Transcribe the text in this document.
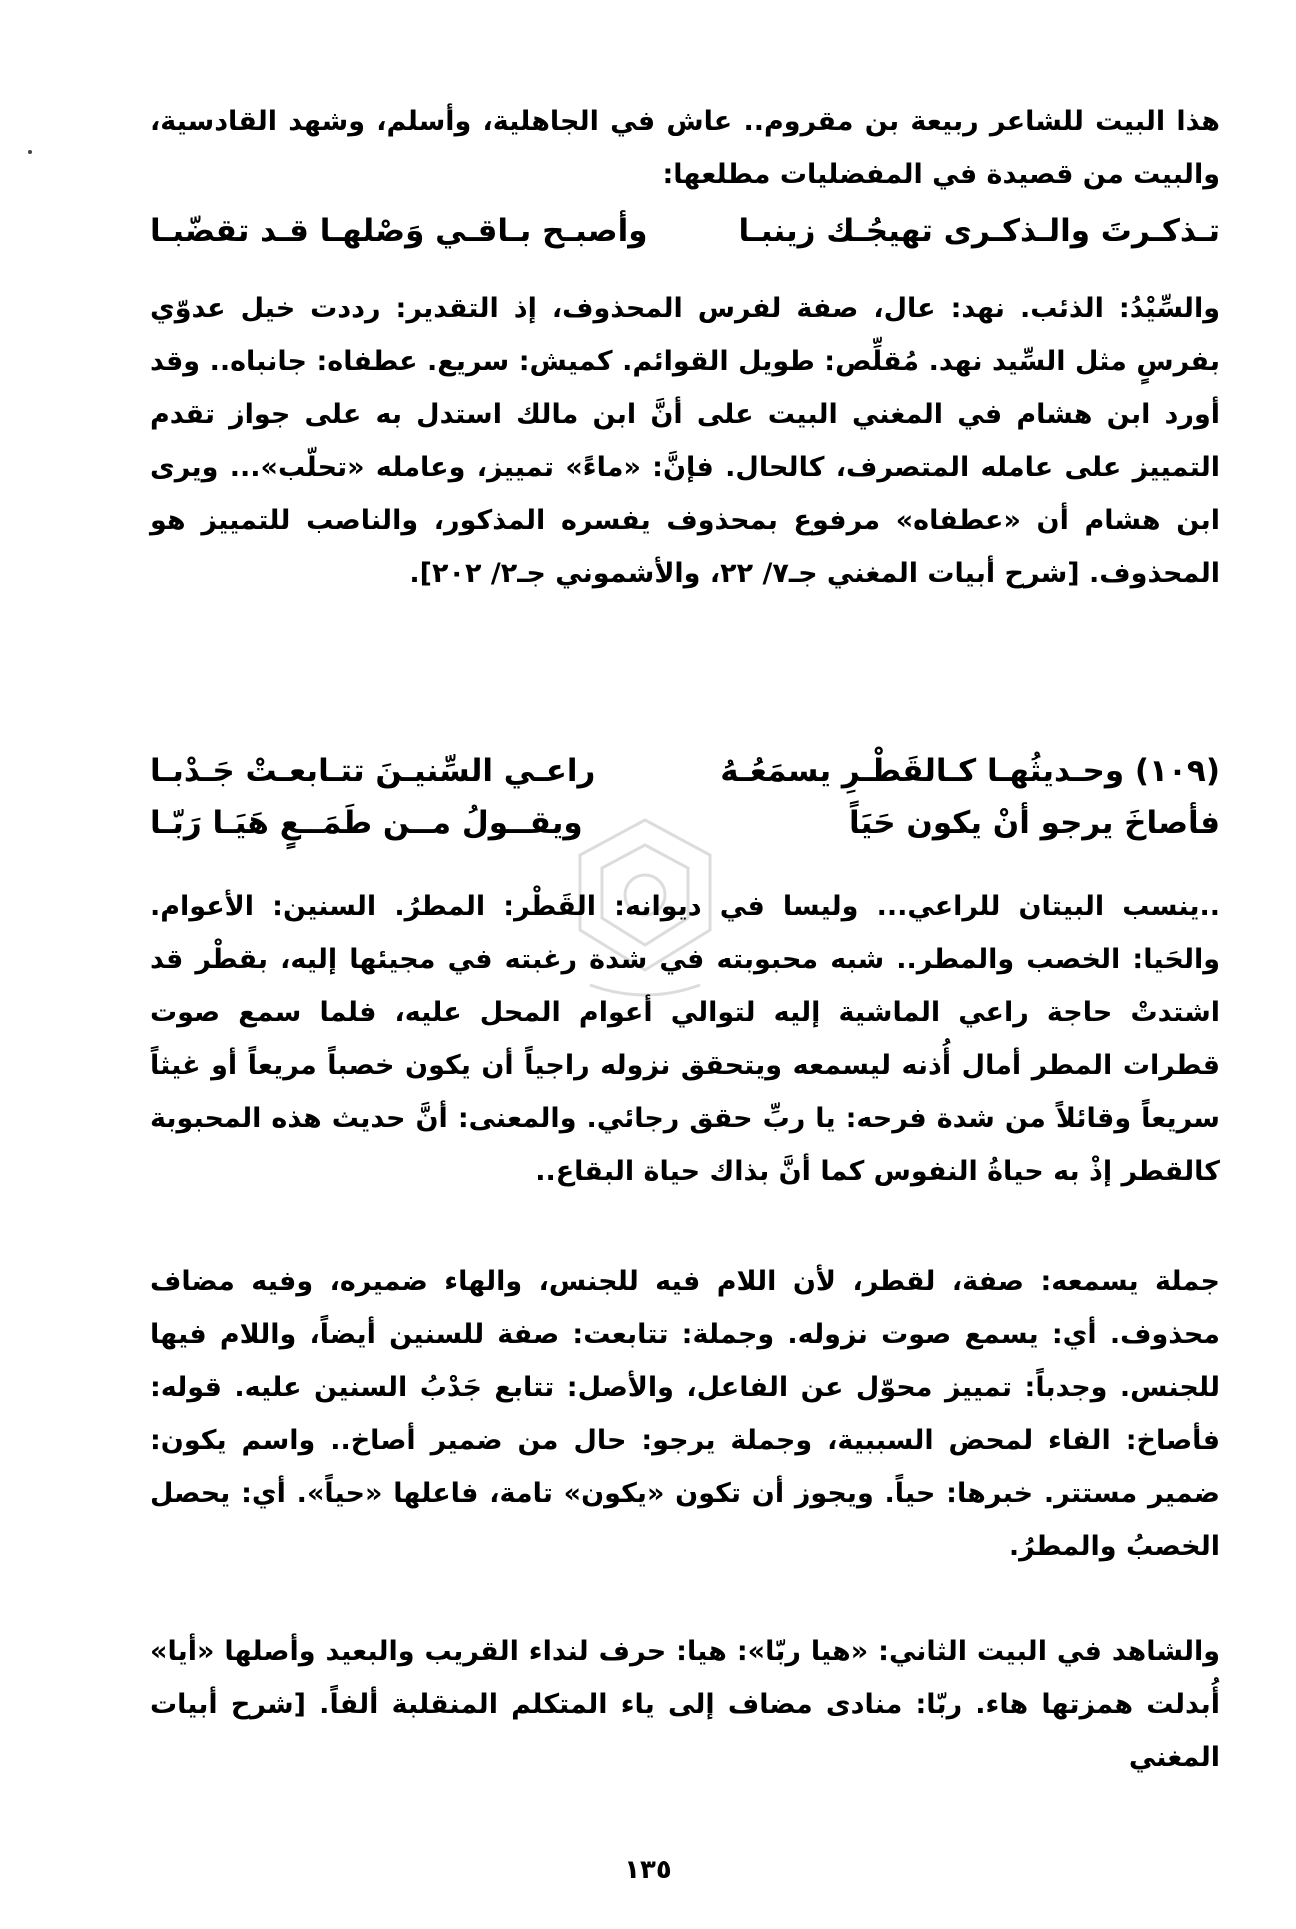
هذا البيت للشاعر ربيعة بن مقروم.. عاش في الجاهلية، وأسلم، وشهد القادسية، والبيت من قصيدة في المفضليات مطلعها:

تـذكـرتَ والـذكـرى تهيجُـك زينبـا
وأصبـح بـاقـي وَصْلهـا قـد تقضّبـا

والسِّيْدُ: الذئب. نهد: عال، صفة لفرس المحذوف، إذ التقدير: رددت خيل عدوّي بفرسٍ مثل السِّيد نهد. مُقلِّص: طويل القوائم. كميش: سريع. عطفاه: جانباه.. وقد أورد ابن هشام في المغني البيت على أنَّ ابن مالك استدل به على جواز تقدم التمييز على عامله المتصرف، كالحال. فإنَّ: «ماءً» تمييز، وعامله «تحلّب»... ويرى ابن هشام أن «عطفاه» مرفوع بمحذوف يفسره المذكور، والناصب للتمييز هو المحذوف. [شرح أبيات المغني جـ٧/ ٢٢، والأشموني جـ٢/ ٢٠٢].

(١٠٩) وحـديثُهـا كـالقَطْـرِ يسمَعُـهُ
راعـي السِّنيـنَ تتـابعـتْ جَـدْبـا
فأصاخَ يرجو أنْ يكون حَيَاً
ويقــولُ مــن طَمَــعٍ هَيَـا رَبّـا

..ينسب البيتان للراعي... وليسا في ديوانه: القَطْر: المطرُ. السنين: الأعوام. والحَيا: الخصب والمطر.. شبه محبوبته في شدة رغبته في مجيئها إليه، بقطْر قد اشتدتْ حاجة راعي الماشية إليه لتوالي أعوام المحل عليه، فلما سمع صوت قطرات المطر أمال أُذنه ليسمعه ويتحقق نزوله راجياً أن يكون خصباً مريعاً أو غيثاً سريعاً وقائلاً من شدة فرحه: يا ربِّ حقق رجائي. والمعنى: أنَّ حديث هذه المحبوبة كالقطر إذْ به حياةُ النفوس كما أنَّ بذاك حياة البقاع..

جملة يسمعه: صفة، لقطر، لأن اللام فيه للجنس، والهاء ضميره، وفيه مضاف محذوف. أي: يسمع صوت نزوله. وجملة: تتابعت: صفة للسنين أيضاً، واللام فيها للجنس. وجدباً: تمييز محوّل عن الفاعل، والأصل: تتابع جَدْبُ السنين عليه. قوله: فأصاخ: الفاء لمحض السببية، وجملة يرجو: حال من ضمير أصاخ.. واسم يكون: ضمير مستتر. خبرها: حياً. ويجوز أن تكون «يكون» تامة، فاعلها «حياً». أي: يحصل الخصبُ والمطرُ.

والشاهد في البيت الثاني: «هيا ربّا»: هيا: حرف لنداء القريب والبعيد وأصلها «أيا» أُبدلت همزتها هاء. ربّا: منادى مضاف إلى ياء المتكلم المنقلبة ألفاً. [شرح أبيات المغني

١٣٥
